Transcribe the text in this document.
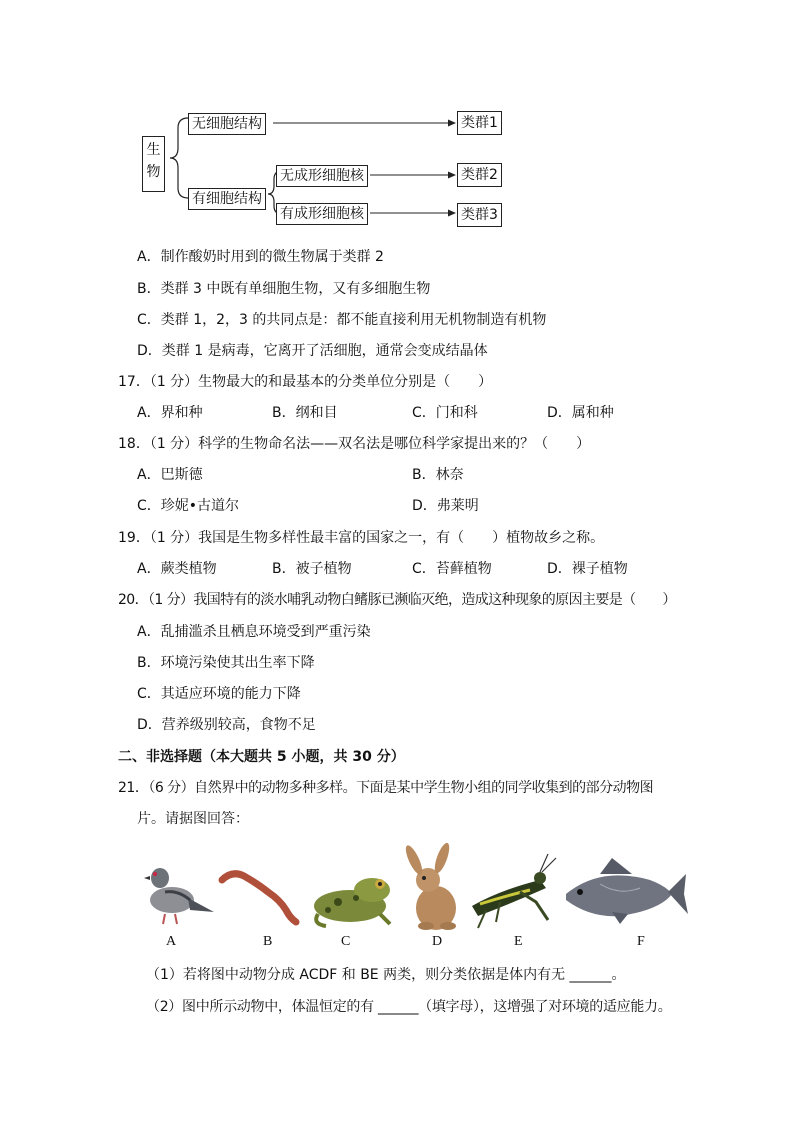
生物
无细胞结构
有细胞结构
无成形细胞核
有成形细胞核
类群1
类群2
类群3
A．制作酸奶时用到的微生物属于类群 2
B．类群 3 中既有单细胞生物，又有多细胞生物
C．类群 1，2，3 的共同点是：都不能直接利用无机物制造有机物
D．类群 1 是病毒，它离开了活细胞，通常会变成结晶体
17．（1 分）生物最大的和最基本的分类单位分别是（　　）
A．界和种	B．纲和目	C．门和科	D．属和种
18．（1 分）科学的生物命名法——双名法是哪位科学家提出来的？（　　）
A．巴斯德	B．林奈
C．珍妮•古道尔	D．弗莱明
19．（1 分）我国是生物多样性最丰富的国家之一，有（　　）植物故乡之称。
A．蕨类植物	B．被子植物	C．苔藓植物	D．裸子植物
20．（1 分）我国特有的淡水哺乳动物白鳍豚已濒临灭绝，造成这种现象的原因主要是（　　）
A．乱捕滥杀且栖息环境受到严重污染
B．环境污染使其出生率下降
C．其适应环境的能力下降
D．营养级别较高，食物不足
二、非选择题（本大题共 5 小题，共 30 分）
21．（6 分）自然界中的动物多种多样。下面是某中学生物小组的同学收集到的部分动物图
片。请据图回答：
A	B	C	D	E	F
（1）若将图中动物分成 ACDF 和 BE 两类，则分类依据是体内有无 ______。
（2）图中所示动物中，体温恒定的有 ______（填字母），这增强了对环境的适应能力。
